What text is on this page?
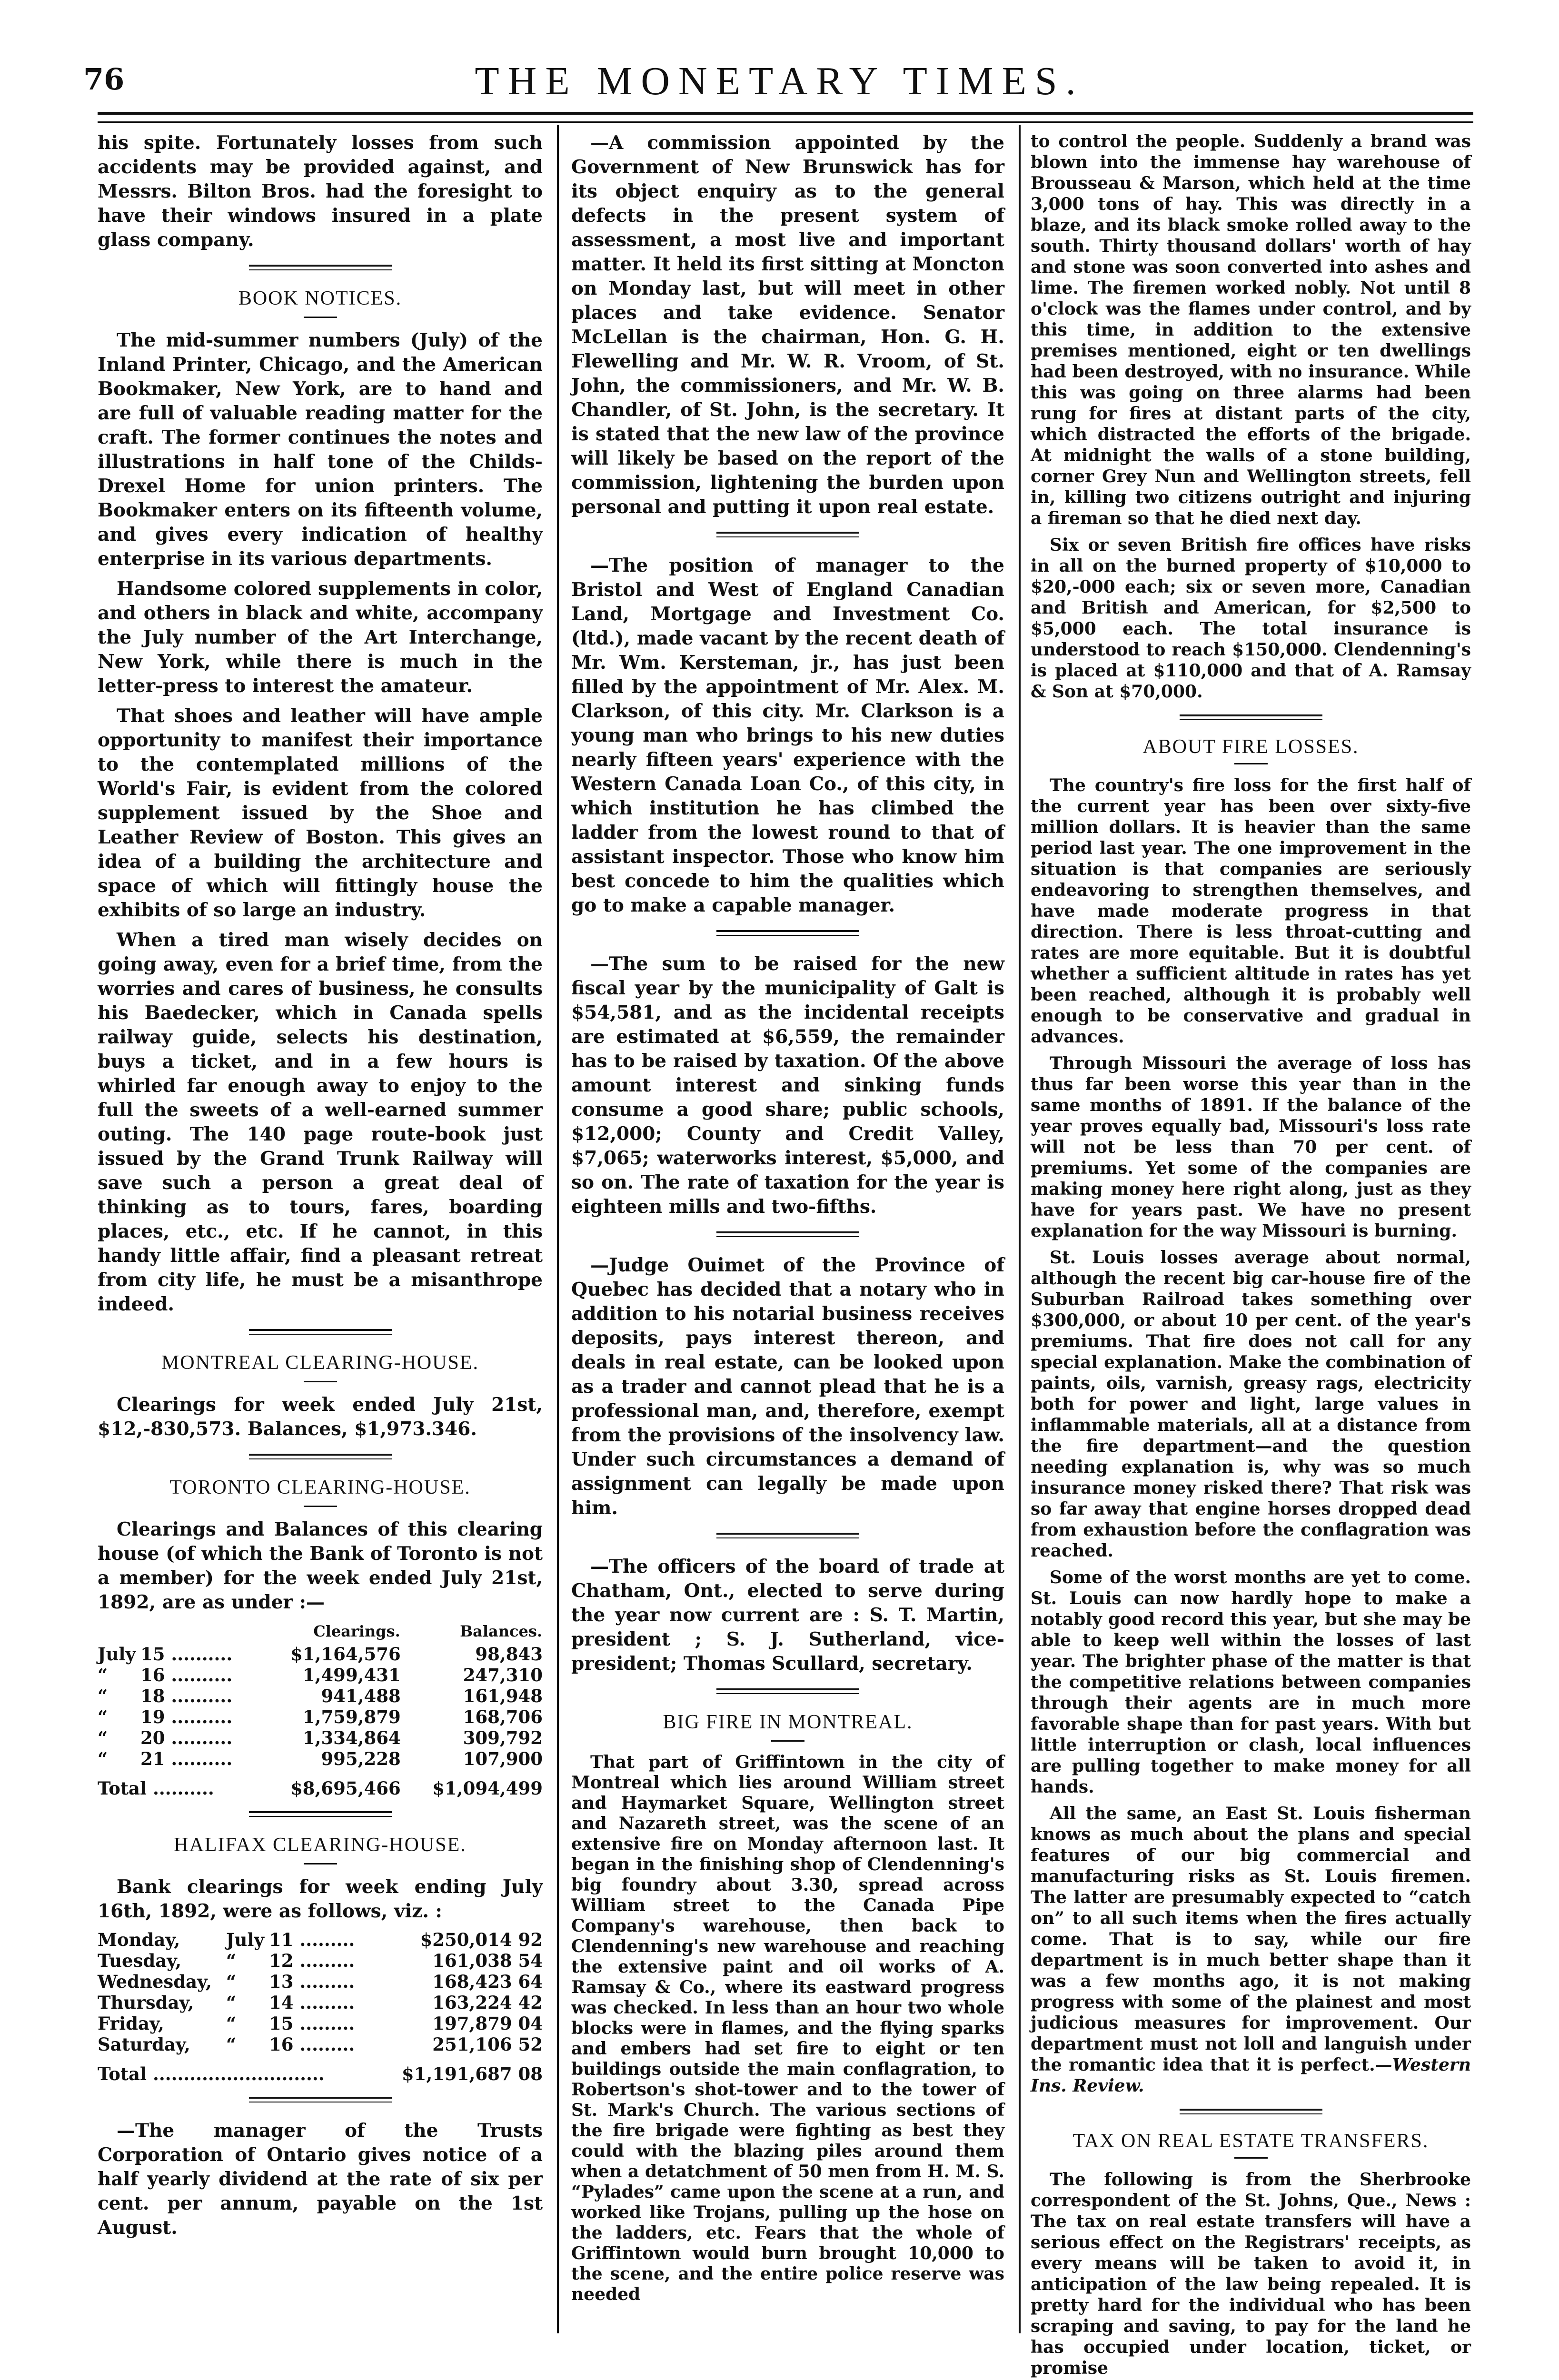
76	THE MONETARY TIMES.

his spite. Fortunately losses from such accidents may be provided against, and Messrs. Bilton Bros. had the foresight to have their windows insured in a plate glass company.

BOOK NOTICES.

The mid-summer numbers (July) of the Inland Printer, Chicago, and the American Bookmaker, New York, are to hand and are full of valuable reading matter for the craft. The former continues the notes and illustrations in half tone of the Childs-Drexel Home for union printers. The Bookmaker enters on its fifteenth volume, and gives every indication of healthy enterprise in its various departments.

Handsome colored supplements in color, and others in black and white, accompany the July number of the Art Interchange, New York, while there is much in the letter-press to interest the amateur.

That shoes and leather will have ample opportunity to manifest their importance to the contemplated millions of the World's Fair, is evident from the colored supplement issued by the Shoe and Leather Review of Boston. This gives an idea of a building the architecture and space of which will fittingly house the exhibits of so large an industry.

When a tired man wisely decides on going away, even for a brief time, from the worries and cares of business, he consults his Baedecker, which in Canada spells railway guide, selects his destination, buys a ticket, and in a few hours is whirled far enough away to enjoy to the full the sweets of a well-earned summer outing. The 140 page route-book just issued by the Grand Trunk Railway will save such a person a great deal of thinking as to tours, fares, boarding places, etc., etc. If he cannot, in this handy little affair, find a pleasant retreat from city life, he must be a misanthrope indeed.

MONTREAL CLEARING-HOUSE.

Clearings for week ended July 21st, $12,-830,573. Balances, $1,973.346.

TORONTO CLEARING-HOUSE.

Clearings and Balances of this clearing house (of which the Bank of Toronto is not a member) for the week ended July 21st, 1892, are as under :—

		Clearings.	Balances.
July	15 ..........	$1,164,576	98,843
“	16 ..........	1,499,431	247,310
“	18 ..........	941,488	161,948
“	19 ..........	1,759,879	168,706
“	20 ..........	1,334,864	309,792
“	21 ..........	995,228	107,900
Total ..........		$8,695,466	$1,094,499
HALIFAX CLEARING-HOUSE.

Bank clearings for week ending July 16th, 1892, were as follows, viz. :

Monday,	July	11 .........	$250,014 92
Tuesday,	“	12 .........	161,038 54
Wednesday,	“	13 .........	168,423 64
Thursday,	“	14 .........	163,224 42
Friday,	“	15 .........	197,879 04
Saturday,	“	16 .........	251,106 52
Total ............................			$1,191,687 08

—The manager of the Trusts Corporation of Ontario gives notice of a half yearly dividend at the rate of six per cent. per annum, payable on the 1st August.

—A commission appointed by the Government of New Brunswick has for its object enquiry as to the general defects in the present system of assessment, a most live and important matter. It held its first sitting at Moncton on Monday last, but will meet in other places and take evidence. Senator McLellan is the chairman, Hon. G. H. Flewelling and Mr. W. R. Vroom, of St. John, the commissioners, and Mr. W. B. Chandler, of St. John, is the secretary. It is stated that the new law of the province will likely be based on the report of the commission, lightening the burden upon personal and putting it upon real estate.

—The position of manager to the Bristol and West of England Canadian Land, Mortgage and Investment Co. (ltd.), made vacant by the recent death of Mr. Wm. Kersteman, jr., has just been filled by the appointment of Mr. Alex. M. Clarkson, of this city. Mr. Clarkson is a young man who brings to his new duties nearly fifteen years' experience with the Western Canada Loan Co., of this city, in which institution he has climbed the ladder from the lowest round to that of assistant inspector. Those who know him best concede to him the qualities which go to make a capable manager.

—The sum to be raised for the new fiscal year by the municipality of Galt is $54,581, and as the incidental receipts are estimated at $6,559, the remainder has to be raised by taxation. Of the above amount interest and sinking funds consume a good share; public schools, $12,000; County and Credit Valley, $7,065; waterworks interest, $5,000, and so on. The rate of taxation for the year is eighteen mills and two-fifths.

—Judge Ouimet of the Province of Quebec has decided that a notary who in addition to his notarial business receives deposits, pays interest thereon, and deals in real estate, can be looked upon as a trader and cannot plead that he is a professional man, and, therefore, exempt from the provisions of the insolvency law. Under such circumstances a demand of assignment can legally be made upon him.

—The officers of the board of trade at Chatham, Ont., elected to serve during the year now current are : S. T. Martin, president ; S. J. Sutherland, vice-president; Thomas Scullard, secretary.

BIG FIRE IN MONTREAL.

That part of Griffintown in the city of Montreal which lies around William street and Haymarket Square, Wellington street and Nazareth street, was the scene of an extensive fire on Monday afternoon last. It began in the finishing shop of Clendenning's big foundry about 3.30, spread across William street to the Canada Pipe Company's warehouse, then back to Clendenning's new warehouse and reaching the extensive paint and oil works of A. Ramsay & Co., where its eastward progress was checked. In less than an hour two whole blocks were in flames, and the flying sparks and embers had set fire to eight or ten buildings outside the main conflagration, to Robertson's shot-tower and to the tower of St. Mark's Church. The various sections of the fire brigade were fighting as best they could with the blazing piles around them when a detatchment of 50 men from H. M. S. “Pylades” came upon the scene at a run, and worked like Trojans, pulling up the hose on the ladders, etc. Fears that the whole of Griffintown would burn brought 10,000 to the scene, and the entire police reserve was needed

to control the people. Suddenly a brand was blown into the immense hay warehouse of Brousseau & Marson, which held at the time 3,000 tons of hay. This was directly in a blaze, and its black smoke rolled away to the south. Thirty thousand dollars' worth of hay and stone was soon converted into ashes and lime. The firemen worked nobly. Not until 8 o'clock was the flames under control, and by this time, in addition to the extensive premises mentioned, eight or ten dwellings had been destroyed, with no insurance. While this was going on three alarms had been rung for fires at distant parts of the city, which distracted the efforts of the brigade. At midnight the walls of a stone building, corner Grey Nun and Wellington streets, fell in, killing two citizens outright and injuring a fireman so that he died next day.

Six or seven British fire offices have risks in all on the burned property of $10,000 to $20,-000 each; six or seven more, Canadian and British and American, for $2,500 to $5,000 each. The total insurance is understood to reach $150,000. Clendenning's is placed at $110,000 and that of A. Ramsay & Son at $70,000.

ABOUT FIRE LOSSES.

The country's fire loss for the first half of the current year has been over sixty-five million dollars. It is heavier than the same period last year. The one improvement in the situation is that companies are seriously endeavoring to strengthen themselves, and have made moderate progress in that direction. There is less throat-cutting and rates are more equitable. But it is doubtful whether a sufficient altitude in rates has yet been reached, although it is probably well enough to be conservative and gradual in advances.

Through Missouri the average of loss has thus far been worse this year than in the same months of 1891. If the balance of the year proves equally bad, Missouri's loss rate will not be less than 70 per cent. of premiums. Yet some of the companies are making money here right along, just as they have for years past. We have no present explanation for the way Missouri is burning.

St. Louis losses average about normal, although the recent big car-house fire of the Suburban Railroad takes something over $300,000, or about 10 per cent. of the year's premiums. That fire does not call for any special explanation. Make the combination of paints, oils, varnish, greasy rags, electricity both for power and light, large values in inflammable materials, all at a distance from the fire department—and the question needing explanation is, why was so much insurance money risked there? That risk was so far away that engine horses dropped dead from exhaustion before the conflagration was reached.

Some of the worst months are yet to come. St. Louis can now hardly hope to make a notably good record this year, but she may be able to keep well within the losses of last year. The brighter phase of the matter is that the competitive relations between companies through their agents are in much more favorable shape than for past years. With but little interruption or clash, local influences are pulling together to make money for all hands.

All the same, an East St. Louis fisherman knows as much about the plans and special features of our big commercial and manufacturing risks as St. Louis firemen. The latter are presumably expected to “catch on” to all such items when the fires actually come. That is to say, while our fire department is in much better shape than it was a few months ago, it is not making progress with some of the plainest and most judicious measures for improvement. Our department must not loll and languish under the romantic idea that it is perfect.—Western Ins. Review.

TAX ON REAL ESTATE TRANSFERS.

The following is from the Sherbrooke correspondent of the St. Johns, Que., News : The tax on real estate transfers will have a serious effect on the Registrars' receipts, as every means will be taken to avoid it, in anticipation of the law being repealed. It is pretty hard for the individual who has been scraping and saving, to pay for the land he has occupied under location, ticket, or promise
